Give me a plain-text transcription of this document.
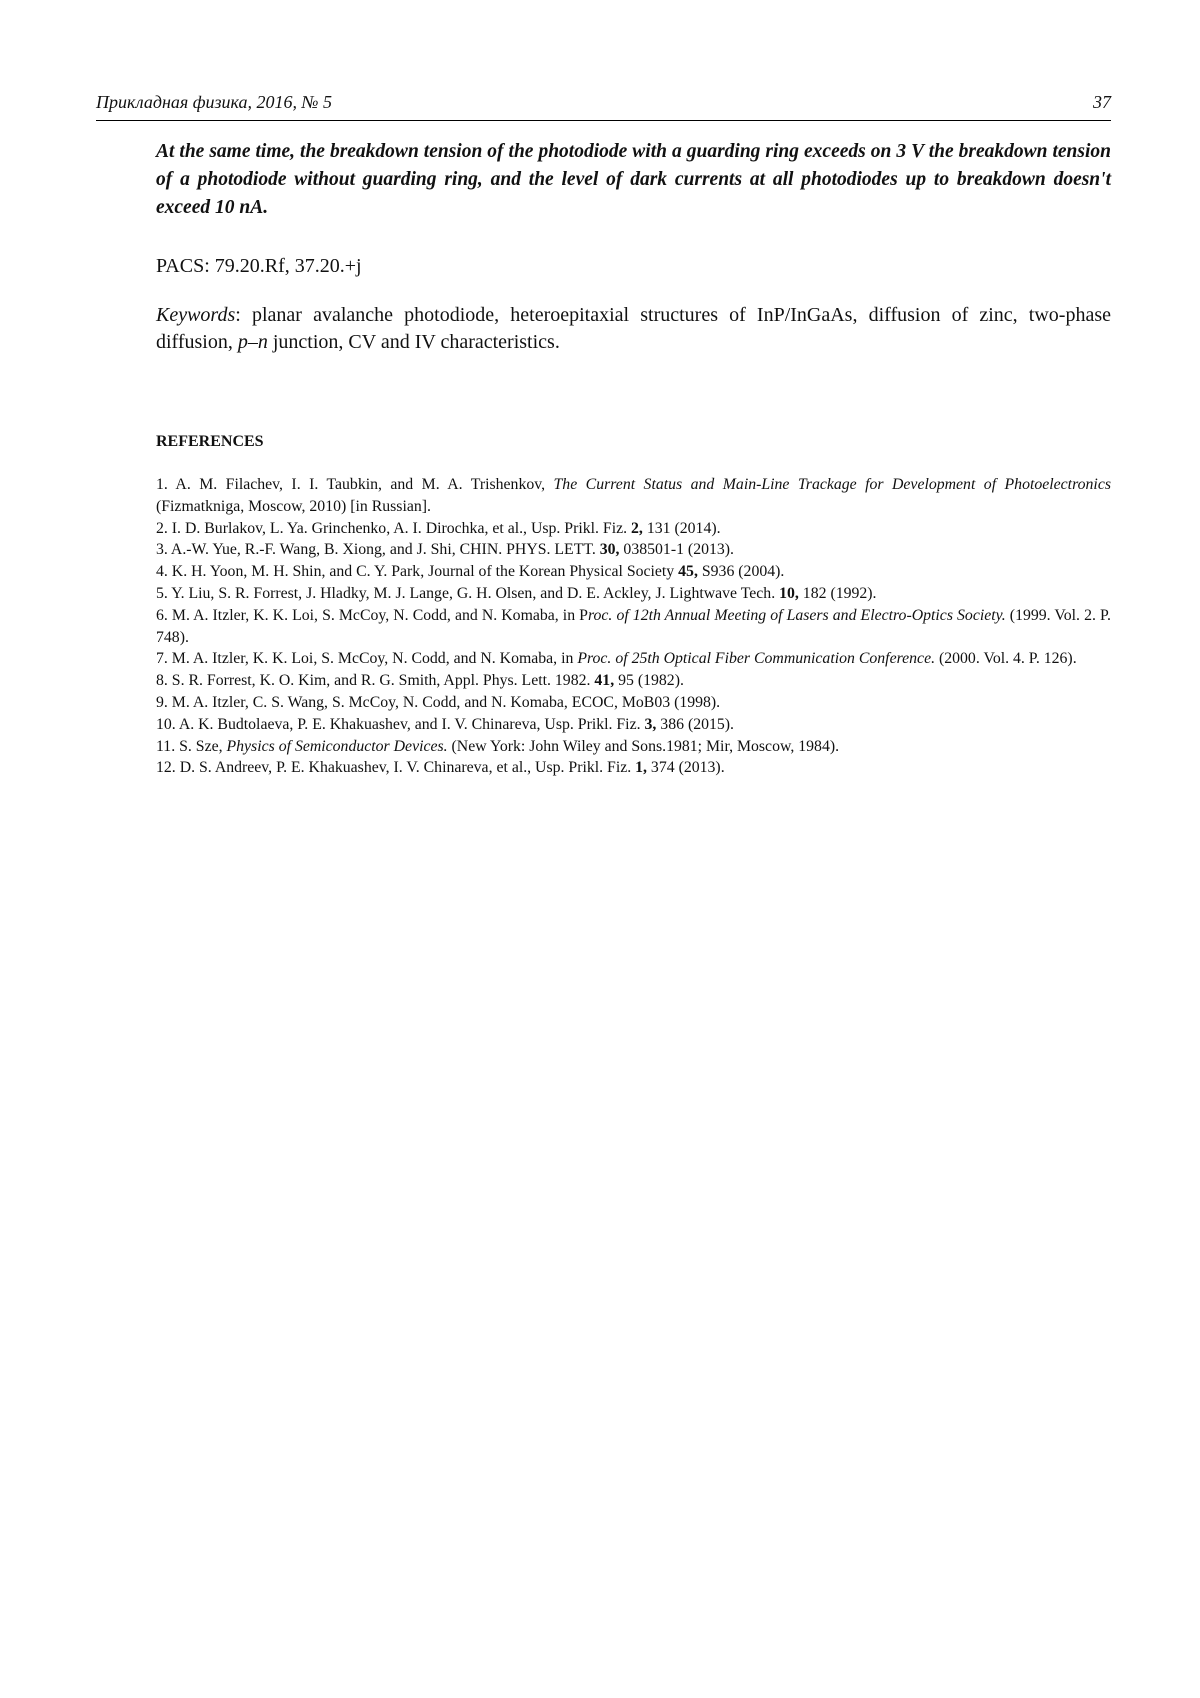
Прикладная физика, 2016, № 5	37

At the same time, the breakdown tension of the photodiode with a guarding ring exceeds on 3 V the breakdown tension of a photodiode without guarding ring, and the level of dark currents at all photodiodes up to breakdown doesn't exceed 10 nA.

PACS: 79.20.Rf, 37.20.+j

Keywords: planar avalanche photodiode, heteroepitaxial structures of InP/InGaAs, diffusion of zinc, two-phase diffusion, p–n junction, CV and IV characteristics.

REFERENCES
1. A. M. Filachev, I. I. Taubkin, and M. A. Trishenkov, The Current Status and Main-Line Trackage for Development of Photoelectronics (Fizmatkniga, Moscow, 2010) [in Russian].
2. I. D. Burlakov, L. Ya. Grinchenko, A. I. Dirochka, et al., Usp. Prikl. Fiz. 2, 131 (2014).
3. A.-W. Yue, R.-F. Wang, B. Xiong, and J. Shi, CHIN. PHYS. LETT. 30, 038501-1 (2013).
4. K. H. Yoon, M. H. Shin, and C. Y. Park, Journal of the Korean Physical Society 45, S936 (2004).
5. Y. Liu, S. R. Forrest, J. Hladky, M. J. Lange, G. H. Olsen, and D. E. Ackley, J. Lightwave Tech. 10, 182 (1992).
6. M. A. Itzler, K. K. Loi, S. McCoy, N. Codd, and N. Komaba, in Proc. of 12th Annual Meeting of Lasers and Electro-Optics Society. (1999. Vol. 2. P. 748).
7. M. A. Itzler, K. K. Loi, S. McCoy, N. Codd, and N. Komaba, in Proc. of 25th Optical Fiber Communication Conference. (2000. Vol. 4. P. 126).
8. S. R. Forrest, K. O. Kim, and R. G. Smith, Appl. Phys. Lett. 1982. 41, 95 (1982).
9. M. A. Itzler, C. S. Wang, S. McCoy, N. Codd, and N. Komaba, ECOC, MoB03 (1998).
10. A. K. Budtolaeva, P. E. Khakuashev, and I. V. Chinareva, Usp. Prikl. Fiz. 3, 386 (2015).
11. S. Sze, Physics of Semiconductor Devices. (New York: John Wiley and Sons.1981; Mir, Moscow, 1984).
12. D. S. Andreev, P. E. Khakuashev, I. V. Chinareva, et al., Usp. Prikl. Fiz. 1, 374 (2013).
